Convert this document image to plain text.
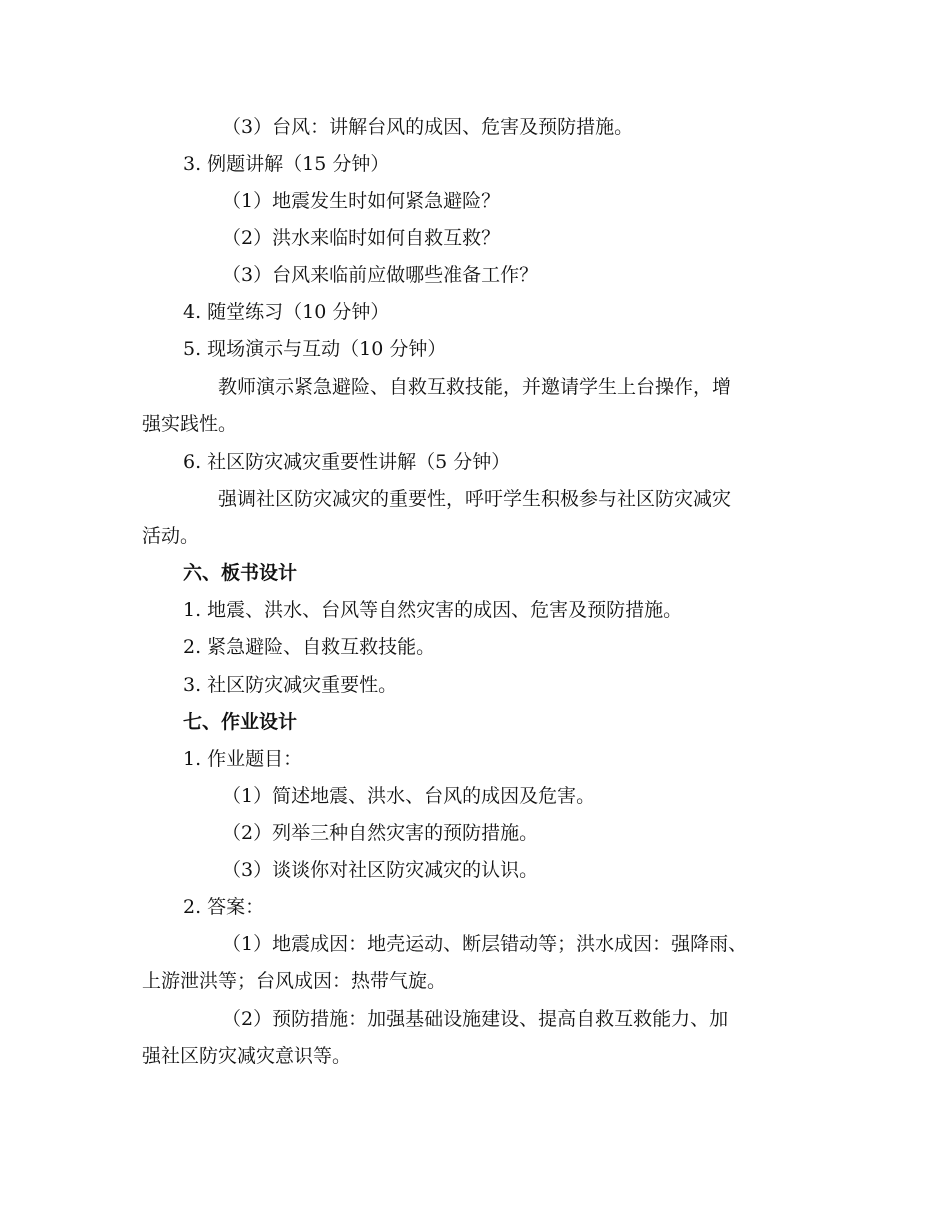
（3）台风：讲解台风的成因、危害及预防措施。
3. 例题讲解（15 分钟）
（1）地震发生时如何紧急避险？
（2）洪水来临时如何自救互救？
（3）台风来临前应做哪些准备工作？
4. 随堂练习（10 分钟）
5. 现场演示与互动（10 分钟）
教师演示紧急避险、自救互救技能，并邀请学生上台操作，增
强实践性。
6. 社区防灾减灾重要性讲解（5 分钟）
强调社区防灾减灾的重要性，呼吁学生积极参与社区防灾减灾
活动。
六、板书设计
1. 地震、洪水、台风等自然灾害的成因、危害及预防措施。
2. 紧急避险、自救互救技能。
3. 社区防灾减灾重要性。
七、作业设计
1. 作业题目：
（1）简述地震、洪水、台风的成因及危害。
（2）列举三种自然灾害的预防措施。
（3）谈谈你对社区防灾减灾的认识。
2. 答案：
（1）地震成因：地壳运动、断层错动等；洪水成因：强降雨、
上游泄洪等；台风成因：热带气旋。
（2）预防措施：加强基础设施建设、提高自救互救能力、加
强社区防灾减灾意识等。
